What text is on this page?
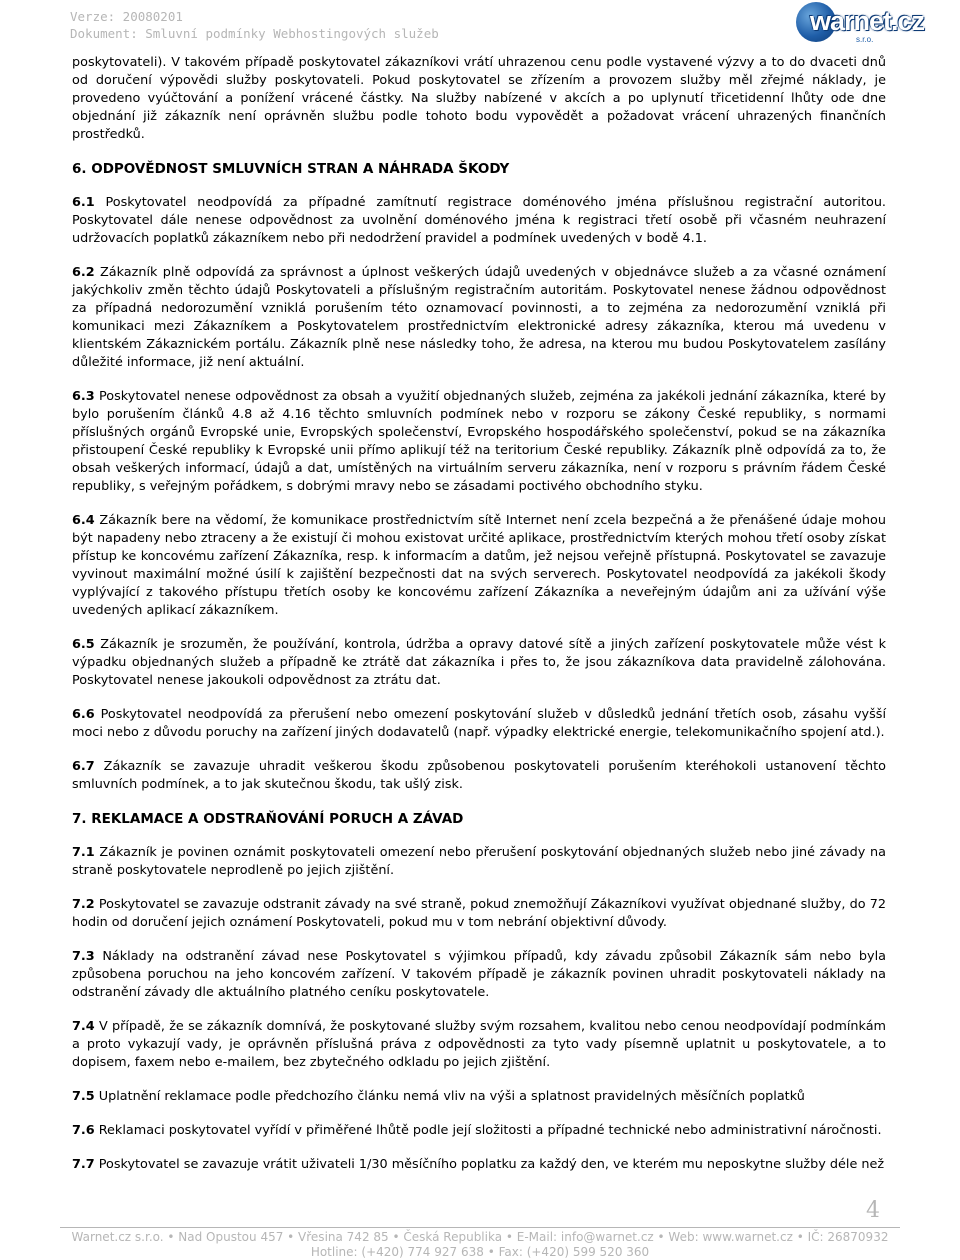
Verze: 20080201
Dokument: Smluvní podmínky Webhostingových služeb	warnet.cz
s.r.o.

poskytovateli). V takovém případě poskytovatel zákazníkovi vrátí uhrazenou cenu podle vystavené výzvy a to do dvaceti dnů od doručení výpovědi služby poskytovateli. Pokud poskytovatel se zřízením a provozem služby měl zřejmé náklady, je provedeno vyúčtování a ponížení vrácené částky. Na služby nabízené v akcích a po uplynutí třicetidenní lhůty ode dne objednání již zákazník není oprávněn službu podle tohoto bodu vypovědět a požadovat vrácení uhrazených finančních prostředků.

6. ODPOVĚDNOST SMLUVNÍCH STRAN A NÁHRADA ŠKODY

6.1 Poskytovatel neodpovídá za případné zamítnutí registrace doménového jména příslušnou registrační autoritou. Poskytovatel dále nenese odpovědnost za uvolnění doménového jména k registraci třetí osobě při včasném neuhrazení udržovacích poplatků zákazníkem nebo při nedodržení pravidel a podmínek uvedených v bodě 4.1.

6.2 Zákazník plně odpovídá za správnost a úplnost veškerých údajů uvedených v objednávce služeb a za včasné oznámení jakýchkoliv změn těchto údajů Poskytovateli a příslušným registračním autoritám. Poskytovatel nenese žádnou odpovědnost za případná nedorozumění vzniklá porušením této oznamovací povinnosti, a to zejména za nedorozumění vzniklá při komunikaci mezi Zákazníkem a Poskytovatelem prostřednictvím elektronické adresy zákazníka, kterou má uvedenu v klientském Zákaznickém portálu. Zákazník plně nese následky toho, že adresa, na kterou mu budou Poskytovatelem zasílány důležité informace, již není aktuální.

6.3 Poskytovatel nenese odpovědnost za obsah a využití objednaných služeb, zejména za jakékoli jednání zákazníka, které by bylo porušením článků 4.8 až 4.16 těchto smluvních podmínek nebo v rozporu se zákony České republiky, s normami příslušných orgánů Evropské unie, Evropských společenství, Evropského hospodářského společenství, pokud se na zákazníka přistoupení České republiky k Evropské unii přímo aplikují též na teritorium České republiky. Zákazník plně odpovídá za to, že obsah veškerých informací, údajů a dat, umístěných na virtuálním serveru zákazníka, není v rozporu s právním řádem České republiky, s veřejným pořádkem, s dobrými mravy nebo se zásadami poctivého obchodního styku.

6.4 Zákazník bere na vědomí, že komunikace prostřednictvím sítě Internet není zcela bezpečná a že přenášené údaje mohou být napadeny nebo ztraceny a že existují či mohou existovat určité aplikace, prostřednictvím kterých mohou třetí osoby získat přístup ke koncovému zařízení Zákazníka, resp. k informacím a datům, jež nejsou veřejně přístupná. Poskytovatel se zavazuje vyvinout maximální možné úsilí k zajištění bezpečnosti dat na svých serverech. Poskytovatel neodpovídá za jakékoli škody vyplývající z takového přístupu třetích osoby ke koncovému zařízení Zákazníka a neveřejným údajům ani za užívání výše uvedených aplikací zákazníkem.

6.5 Zákazník je srozuměn, že používání, kontrola, údržba a opravy datové sítě a jiných zařízení poskytovatele může vést k výpadku objednaných služeb a případně ke ztrátě dat zákazníka i přes to, že jsou zákazníkova data pravidelně zálohována. Poskytovatel nenese jakoukoli odpovědnost za ztrátu dat.

6.6 Poskytovatel neodpovídá za přerušení nebo omezení poskytování služeb v důsledků jednání třetích osob, zásahu vyšší moci nebo z důvodu poruchy na zařízení jiných dodavatelů (např. výpadky elektrické energie, telekomunikačního spojení atd.).

6.7 Zákazník se zavazuje uhradit veškerou škodu způsobenou poskytovateli porušením kteréhokoli ustanovení těchto smluvních podmínek, a to jak skutečnou škodu, tak ušlý zisk.

7. REKLAMACE A ODSTRAŇOVÁNÍ PORUCH A ZÁVAD

7.1 Zákazník je povinen oznámit poskytovateli omezení nebo přerušení poskytování objednaných služeb nebo jiné závady na straně poskytovatele neprodleně po jejich zjištění.

7.2 Poskytovatel se zavazuje odstranit závady na své straně, pokud znemožňují Zákazníkovi využívat objednané služby, do 72 hodin od doručení jejich oznámení Poskytovateli, pokud mu v tom nebrání objektivní důvody.

7.3 Náklady na odstranění závad nese Poskytovatel s výjimkou případů, kdy závadu způsobil Zákazník sám nebo byla způsobena poruchou na jeho koncovém zařízení. V takovém případě je zákazník povinen uhradit poskytovateli náklady na odstranění závady dle aktuálního platného ceníku poskytovatele.

7.4 V případě, že se zákazník domnívá, že poskytované služby svým rozsahem, kvalitou nebo cenou neodpovídají podmínkám a proto vykazují vady, je oprávněn příslušná práva z odpovědnosti za tyto vady písemně uplatnit u poskytovatele, a to dopisem, faxem nebo e-mailem, bez zbytečného odkladu po jejich zjištění.

7.5 Uplatnění reklamace podle předchozího článku nemá vliv na výši a splatnost pravidelných měsíčních poplatků

7.6 Reklamaci poskytovatel vyřídí v přiměřené lhůtě podle její složitosti a případné technické nebo administrativní náročnosti.

7.7 Poskytovatel se zavazuje vrátit uživateli 1/30 měsíčního poplatku za každý den, ve kterém mu neposkytne služby déle než

4
Warnet.cz s.r.o. • Nad Opustou 457 • Vřesina 742 85 • Česká Republika • E-Mail: info@warnet.cz • Web: www.warnet.cz • IČ: 26870932
Hotline: (+420) 774 927 638 • Fax: (+420) 599 520 360
